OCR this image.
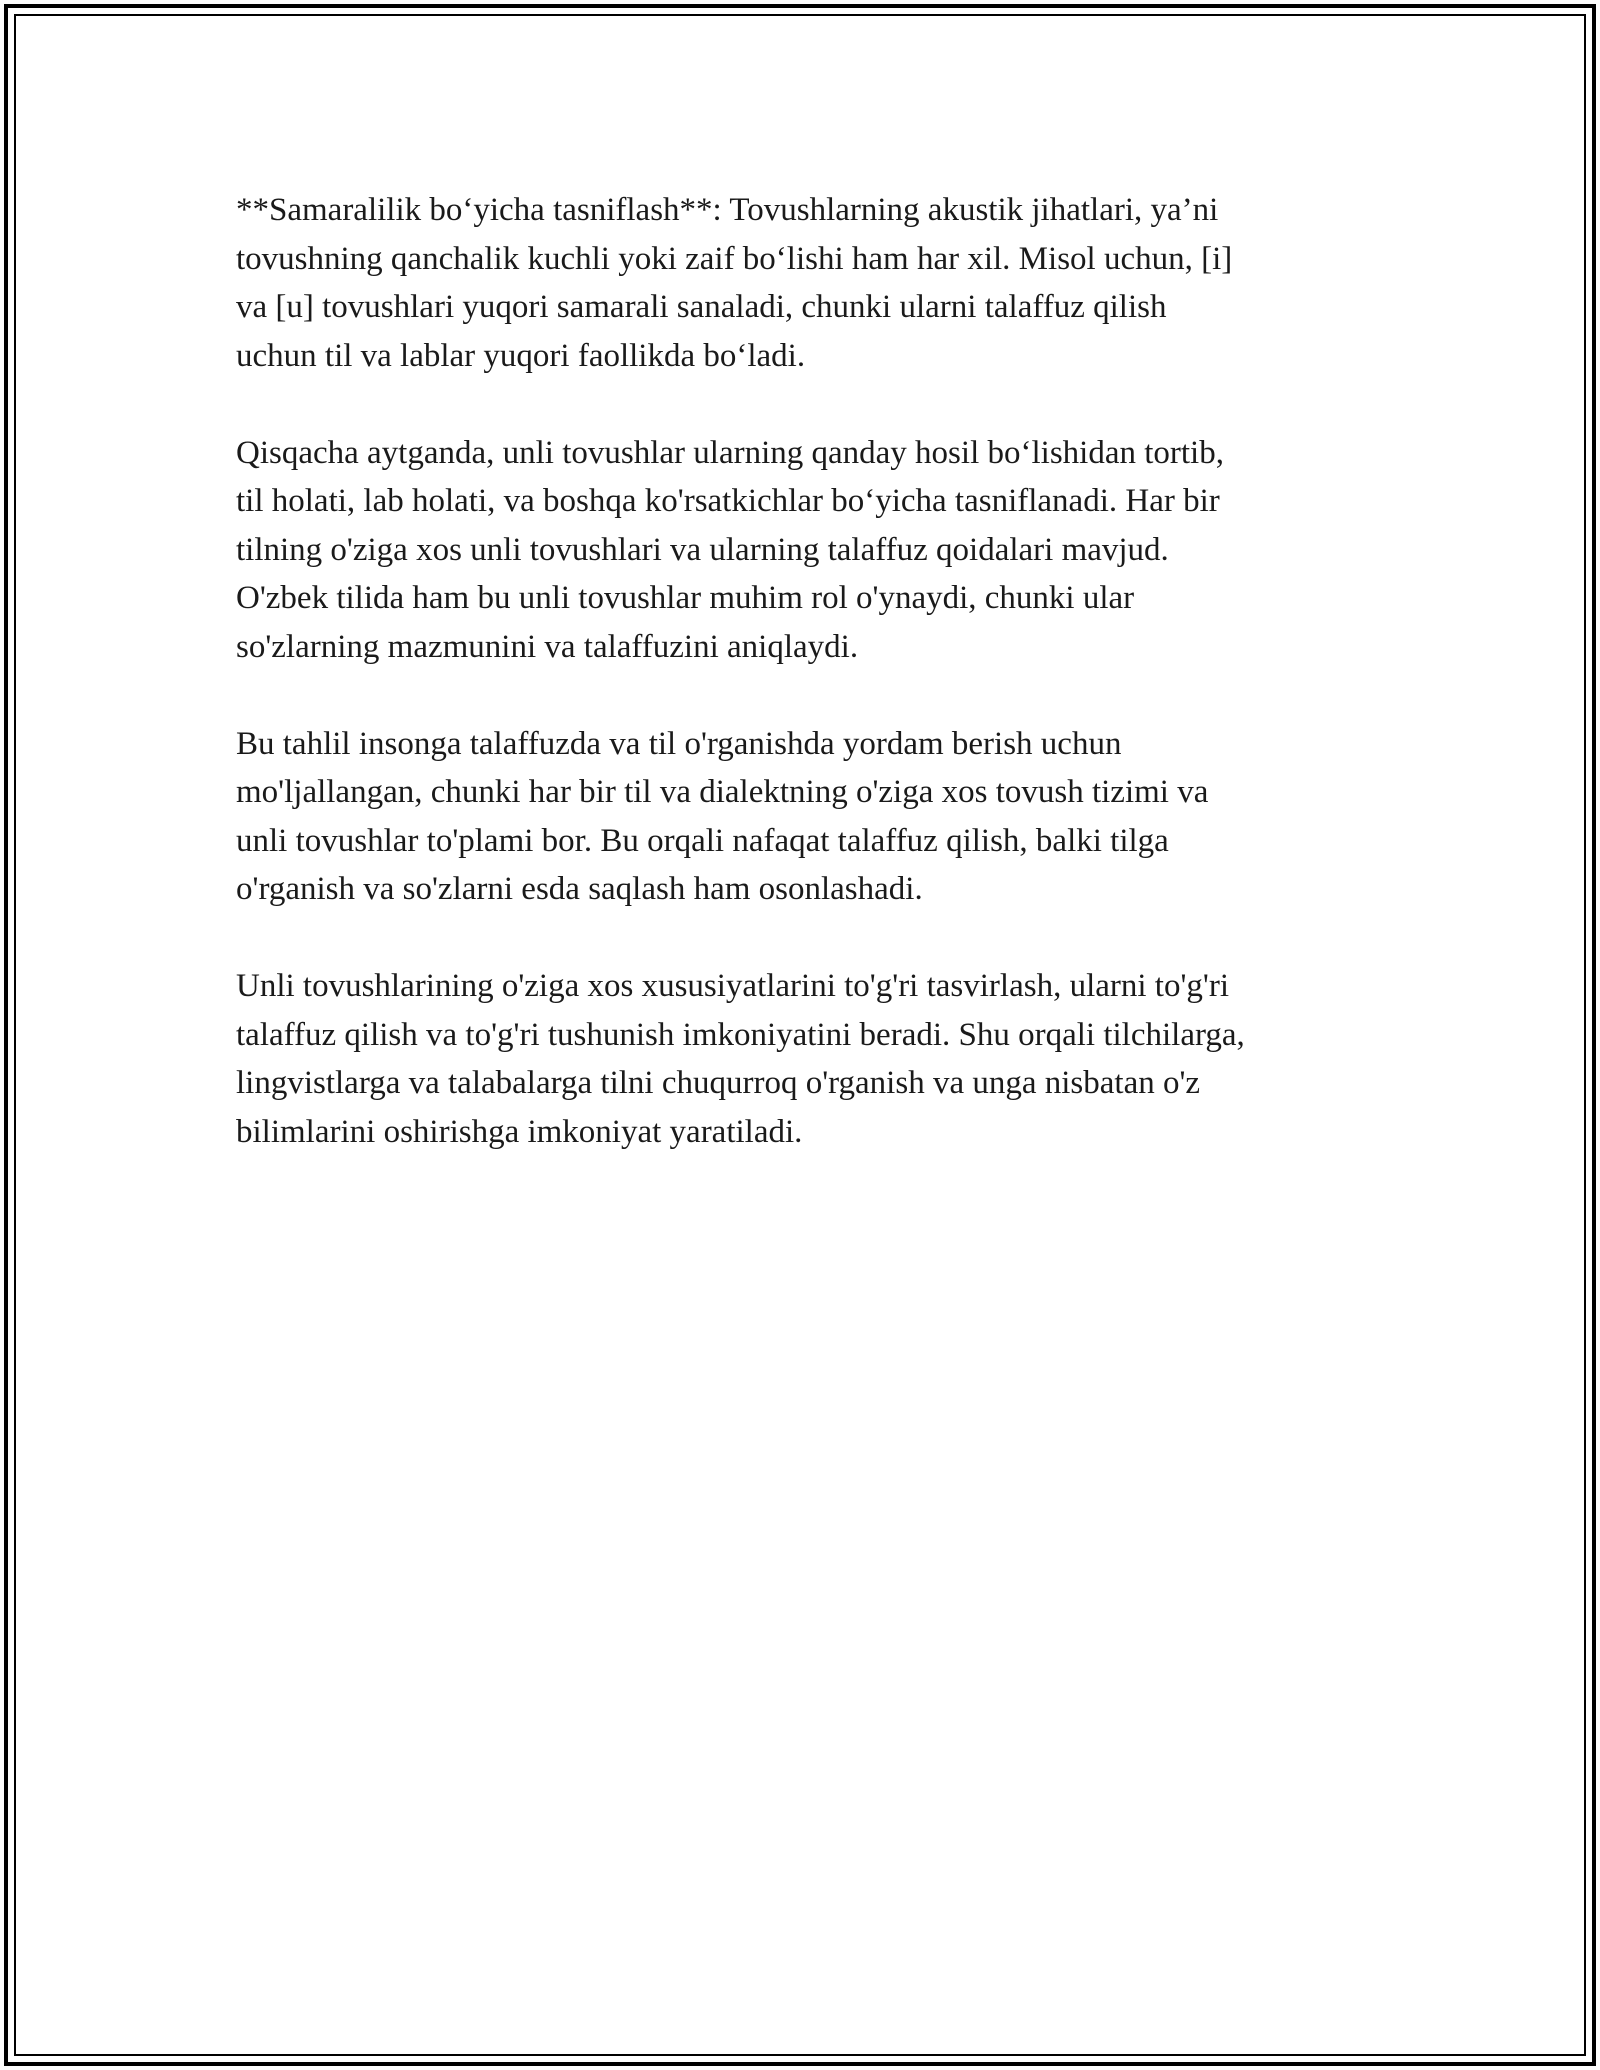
**Samaralilik bo‘yicha tasniflash**: Tovushlarning akustik jihatlari, ya’ni
tovushning qanchalik kuchli yoki zaif bo‘lishi ham har xil. Misol uchun, [i]
va [u] tovushlari yuqori samarali sanaladi, chunki ularni talaffuz qilish
uchun til va lablar yuqori faollikda bo‘ladi.

Qisqacha aytganda, unli tovushlar ularning qanday hosil bo‘lishidan tortib,
til holati, lab holati, va boshqa ko'rsatkichlar bo‘yicha tasniflanadi. Har bir
tilning o'ziga xos unli tovushlari va ularning talaffuz qoidalari mavjud.
O'zbek tilida ham bu unli tovushlar muhim rol o'ynaydi, chunki ular
so'zlarning mazmunini va talaffuzini aniqlaydi.

Bu tahlil insonga talaffuzda va til o'rganishda yordam berish uchun
mo'ljallangan, chunki har bir til va dialektning o'ziga xos tovush tizimi va
unli tovushlar to'plami bor. Bu orqali nafaqat talaffuz qilish, balki tilga
o'rganish va so'zlarni esda saqlash ham osonlashadi.

Unli tovushlarining o'ziga xos xususiyatlarini to'g'ri tasvirlash, ularni to'g'ri
talaffuz qilish va to'g'ri tushunish imkoniyatini beradi. Shu orqali tilchilarga,
lingvistlarga va talabalarga tilni chuqurroq o'rganish va unga nisbatan o'z
bilimlarini oshirishga imkoniyat yaratiladi.
